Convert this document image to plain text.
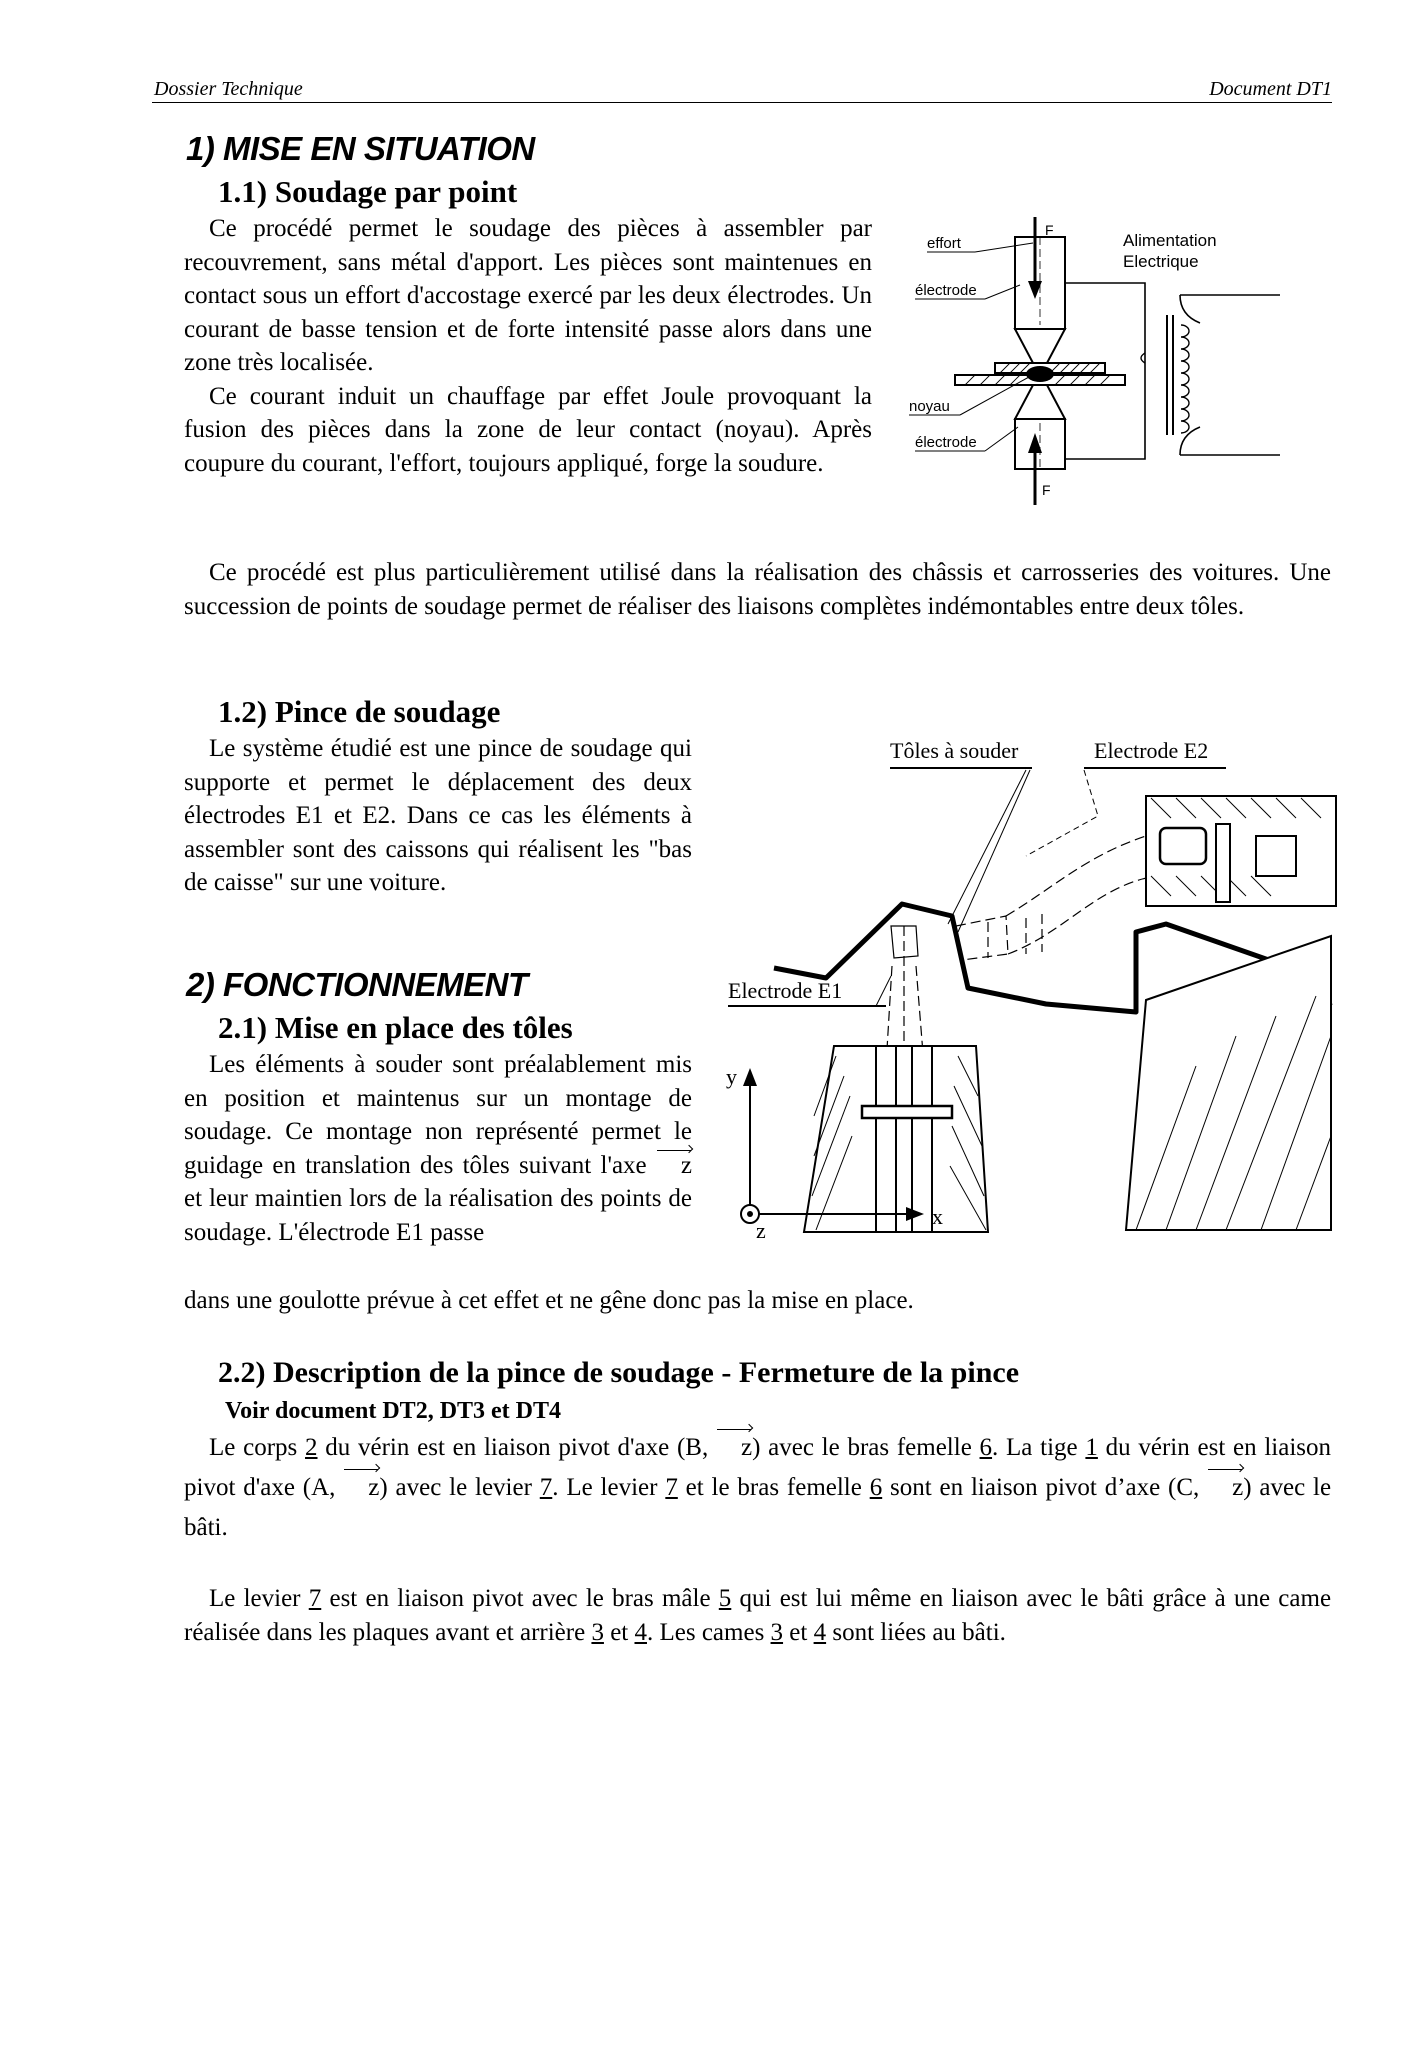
Dossier Technique	Document DT1
1) MISE EN SITUATION
1.1) Soudage par point

Ce procédé permet le soudage des pièces à assembler par recouvrement, sans métal d'apport. Les pièces sont maintenues en contact sous un effort d'accostage exercé par les deux électrodes. Un courant de basse tension et de forte intensité passe alors dans une zone très localisée.

Ce courant induit un chauffage par effet Joule provoquant la fusion des pièces dans la zone de leur contact (noyau). Après coupure du courant, l'effort, toujours appliqué, forge la soudure.

F
F
effort
électrode
noyau
électrode
Alimentation
Electrique

Ce procédé est plus particulièrement utilisé dans la réalisation des châssis et carrosseries des voitures. Une succession de points de soudage permet de réaliser des liaisons complètes indémontables entre deux tôles.

1.2) Pince de soudage

Le système étudié est une pince de soudage qui supporte et permet le déplacement des deux électrodes E1 et E2. Dans ce cas les éléments à assembler sont des caissons qui réalisent les "bas de caisse" sur une voiture.

2) FONCTIONNEMENT
2.1) Mise en place des tôles

Les éléments à souder sont préalablement mis en position et maintenus sur un montage de soudage. Ce montage non représenté permet le guidage en translation des tôles suivant l'axe z et leur maintien lors de la réalisation des points de soudage. L'électrode E1 passe

dans une goulotte prévue à cet effet et ne gêne donc pas la mise en place.
Tôles à souder	Electrode E2
Electrode E1
y
x
z
2.2) Description de la pince de soudage - Fermeture de la pince
Voir document DT2, DT3 et DT4

Le corps 2 du vérin est en liaison pivot d'axe (B, z) avec le bras femelle 6. La tige 1 du vérin est en liaison pivot d'axe (A, z) avec le levier 7. Le levier 7 et le bras femelle 6 sont en liaison pivot d’axe (C, z) avec le bâti.

Le levier 7 est en liaison pivot avec le bras mâle 5 qui est lui même en liaison avec le bâti grâce à une came réalisée dans les plaques avant et arrière 3 et 4. Les cames 3 et 4 sont liées au bâti.
